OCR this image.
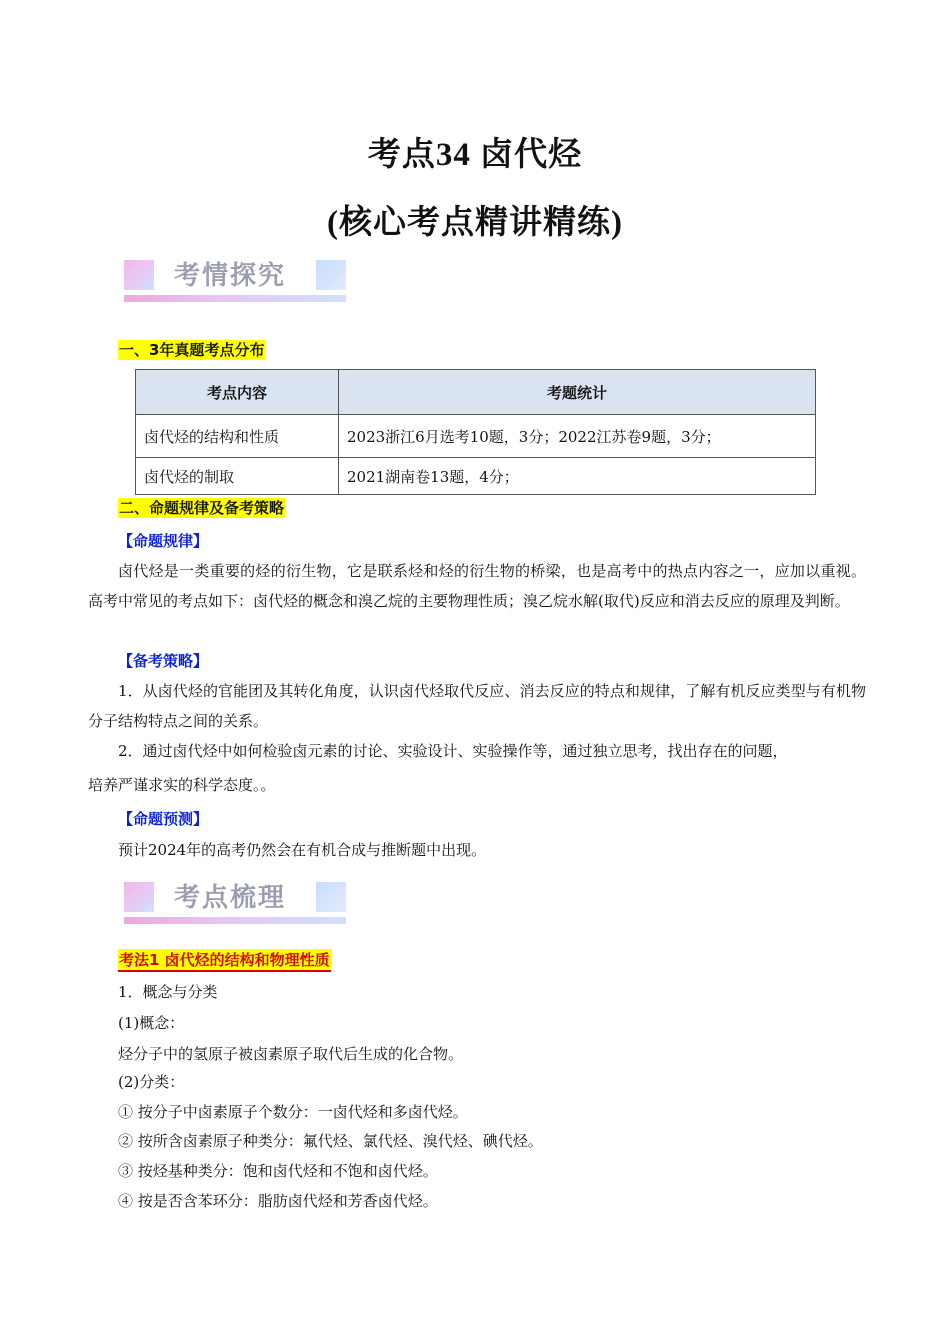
考点34 卤代烃
(核心考点精讲精练)
考情探究
一、3年真题考点分布
考点内容	考题统计
卤代烃的结构和性质	2023浙江6月选考10题，3分；2022江苏卷9题，3分；
卤代烃的制取	2021湖南卷13题，4分；
二、命题规律及备考策略
【命题规律】
卤代烃是一类重要的烃的衍生物，它是联系烃和烃的衍生物的桥梁，也是高考中的热点内容之一，应加以重视。高考中常见的考点如下：卤代烃的概念和溴乙烷的主要物理性质；溴乙烷水解(取代)反应和消去反应的原理及判断。
【备考策略】
1．从卤代烃的官能团及其转化角度，认识卤代烃取代反应、消去反应的特点和规律，了解有机反应类型与有机物分子结构特点之间的关系。
2．通过卤代烃中如何检验卤元素的讨论、实验设计、实验操作等，通过独立思考，找出存在的问题，
培养严谨求实的科学态度。。
【命题预测】
预计2024年的高考仍然会在有机合成与推断题中出现。
考点梳理
考法1 卤代烃的结构和物理性质
1．概念与分类
(1)概念：
烃分子中的氢原子被卤素原子取代后生成的化合物。
(2)分类：
① 按分子中卤素原子个数分：一卤代烃和多卤代烃。
② 按所含卤素原子种类分：氟代烃、氯代烃、溴代烃、碘代烃。
③ 按烃基种类分：饱和卤代烃和不饱和卤代烃。
④ 按是否含苯环分：脂肪卤代烃和芳香卤代烃。
